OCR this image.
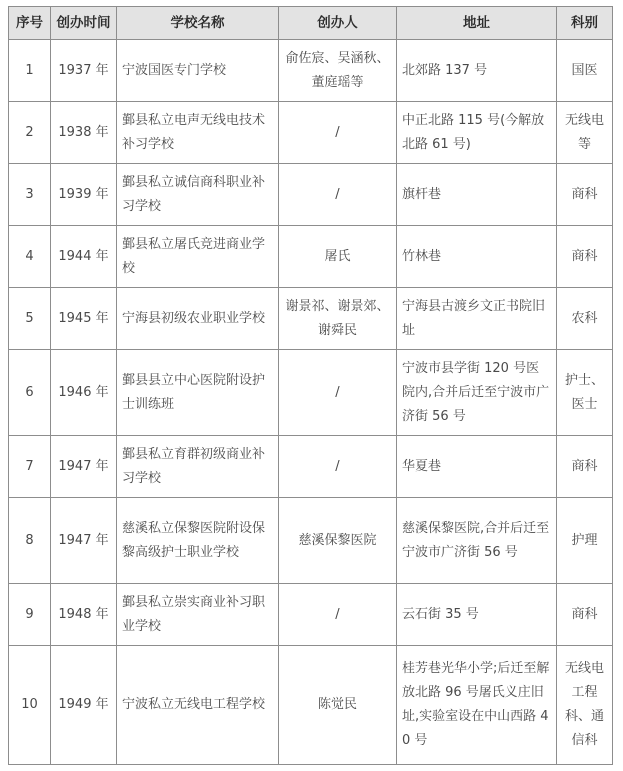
序号	创办时间	学校名称	创办人	地址	科别
1	1937 年	宁波国医专门学校	俞佐宸、吴涵秋、董庭瑶等	北郊路 137 号	国医
2	1938 年	鄞县私立电声无线电技术补习学校	/	中正北路 115 号(今解放北路 61 号)	无线电等
3	1939 年	鄞县私立诚信商科职业补习学校	/	旗杆巷	商科
4	1944 年	鄞县私立屠氏竞进商业学校	屠氏	竹林巷	商科
5	1945 年	宁海县初级农业职业学校	谢景祁、谢景郊、谢舜民	宁海县古渡乡文正书院旧址	农科
6	1946 年	鄞县县立中心医院附设护士训练班	/	宁波市县学街 120 号医院内,合并后迁至宁波市广济街 56 号	护士、医士
7	1947 年	鄞县私立育群初级商业补习学校	/	华夏巷	商科
8	1947 年	慈溪私立保黎医院附设保黎高级护士职业学校	慈溪保黎医院	慈溪保黎医院,合并后迁至宁波市广济街 56 号	护理
9	1948 年	鄞县私立崇实商业补习职业学校	/	云石街 35 号	商科
10	1949 年	宁波私立无线电工程学校	陈觉民	桂芳巷光华小学;后迁至解放北路 96 号屠氏义庄旧址,实验室设在中山西路 40 号	无线电工程科、通信科
